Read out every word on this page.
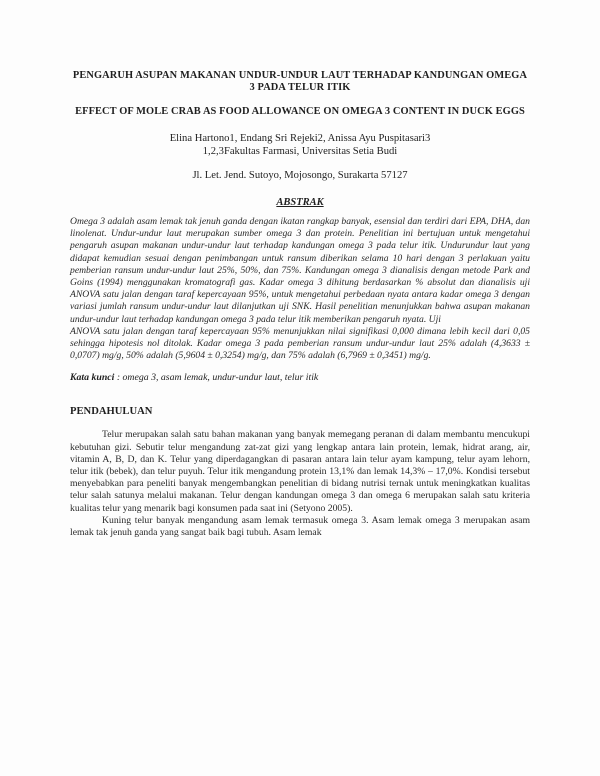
PENGARUH ASUPAN MAKANAN UNDUR-UNDUR LAUT TERHADAP KANDUNGAN OMEGA 3 PADA TELUR ITIK
EFFECT OF MOLE CRAB AS FOOD ALLOWANCE ON OMEGA 3 CONTENT IN DUCK EGGS
Elina Hartono1, Endang Sri Rejeki2, Anissa Ayu Puspitasari3
1,2,3Fakultas Farmasi, Universitas Setia Budi
Jl. Let. Jend. Sutoyo, Mojosongo, Surakarta 57127
ABSTRAK

Omega 3 adalah asam lemak tak jenuh ganda dengan ikatan rangkap banyak, esensial dan terdiri dari EPA, DHA, dan linolenat. Undur-undur laut merupakan sumber omega 3 dan protein. Penelitian ini bertujuan untuk mengetahui pengaruh asupan makanan undur-undur laut terhadap kandungan omega 3 pada telur itik. Undurundur laut yang didapat kemudian sesuai dengan penimbangan untuk ransum diberikan selama 10 hari dengan 3 perlakuan yaitu pemberian ransum undur-undur laut 25%, 50%, dan 75%. Kandungan omega 3 dianalisis dengan metode Park and Goins (1994) menggunakan kromatografi gas. Kadar omega 3 dihitung berdasarkan % absolut dan dianalisis uji ANOVA satu jalan dengan taraf kepercayaan 95%, untuk mengetahui perbedaan nyata antara kadar omega 3 dengan variasi jumlah ransum undur-undur laut dilanjutkan uji SNK. Hasil penelitian menunjukkan bahwa asupan makanan undur-undur laut terhadap kandungan omega 3 pada telur itik memberikan pengaruh nyata. Uji

ANOVA satu jalan dengan taraf kepercayaan 95% menunjukkan nilai signifikasi 0,000 dimana lebih kecil dari 0,05 sehingga hipotesis nol ditolak. Kadar omega 3 pada pemberian ransum undur-undur laut 25% adalah (4,3633 ± 0,0707) mg/g, 50% adalah (5,9604 ± 0,3254) mg/g, dan 75% adalah (6,7969 ± 0,3451) mg/g.

Kata kunci : omega 3, asam lemak, undur-undur laut, telur itik
PENDAHULUAN

Telur merupakan salah satu bahan makanan yang banyak memegang peranan di dalam membantu mencukupi kebutuhan gizi. Sebutir telur mengandung zat-zat gizi yang lengkap antara lain protein, lemak, hidrat arang, air, vitamin A, B, D, dan K. Telur yang diperdagangkan di pasaran antara lain telur ayam kampung, telur ayam lehorn, telur itik (bebek), dan telur puyuh. Telur itik mengandung protein 13,1% dan lemak 14,3% – 17,0%. Kondisi tersebut menyebabkan para peneliti banyak mengembangkan penelitian di bidang nutrisi ternak untuk meningkatkan kualitas telur salah satunya melalui makanan. Telur dengan kandungan omega 3 dan omega 6 merupakan salah satu kriteria kualitas telur yang menarik bagi konsumen pada saat ini (Setyono 2005).

Kuning telur banyak mengandung asam lemak termasuk omega 3. Asam lemak omega 3 merupakan asam lemak tak jenuh ganda yang sangat baik bagi tubuh. Asam lemak
